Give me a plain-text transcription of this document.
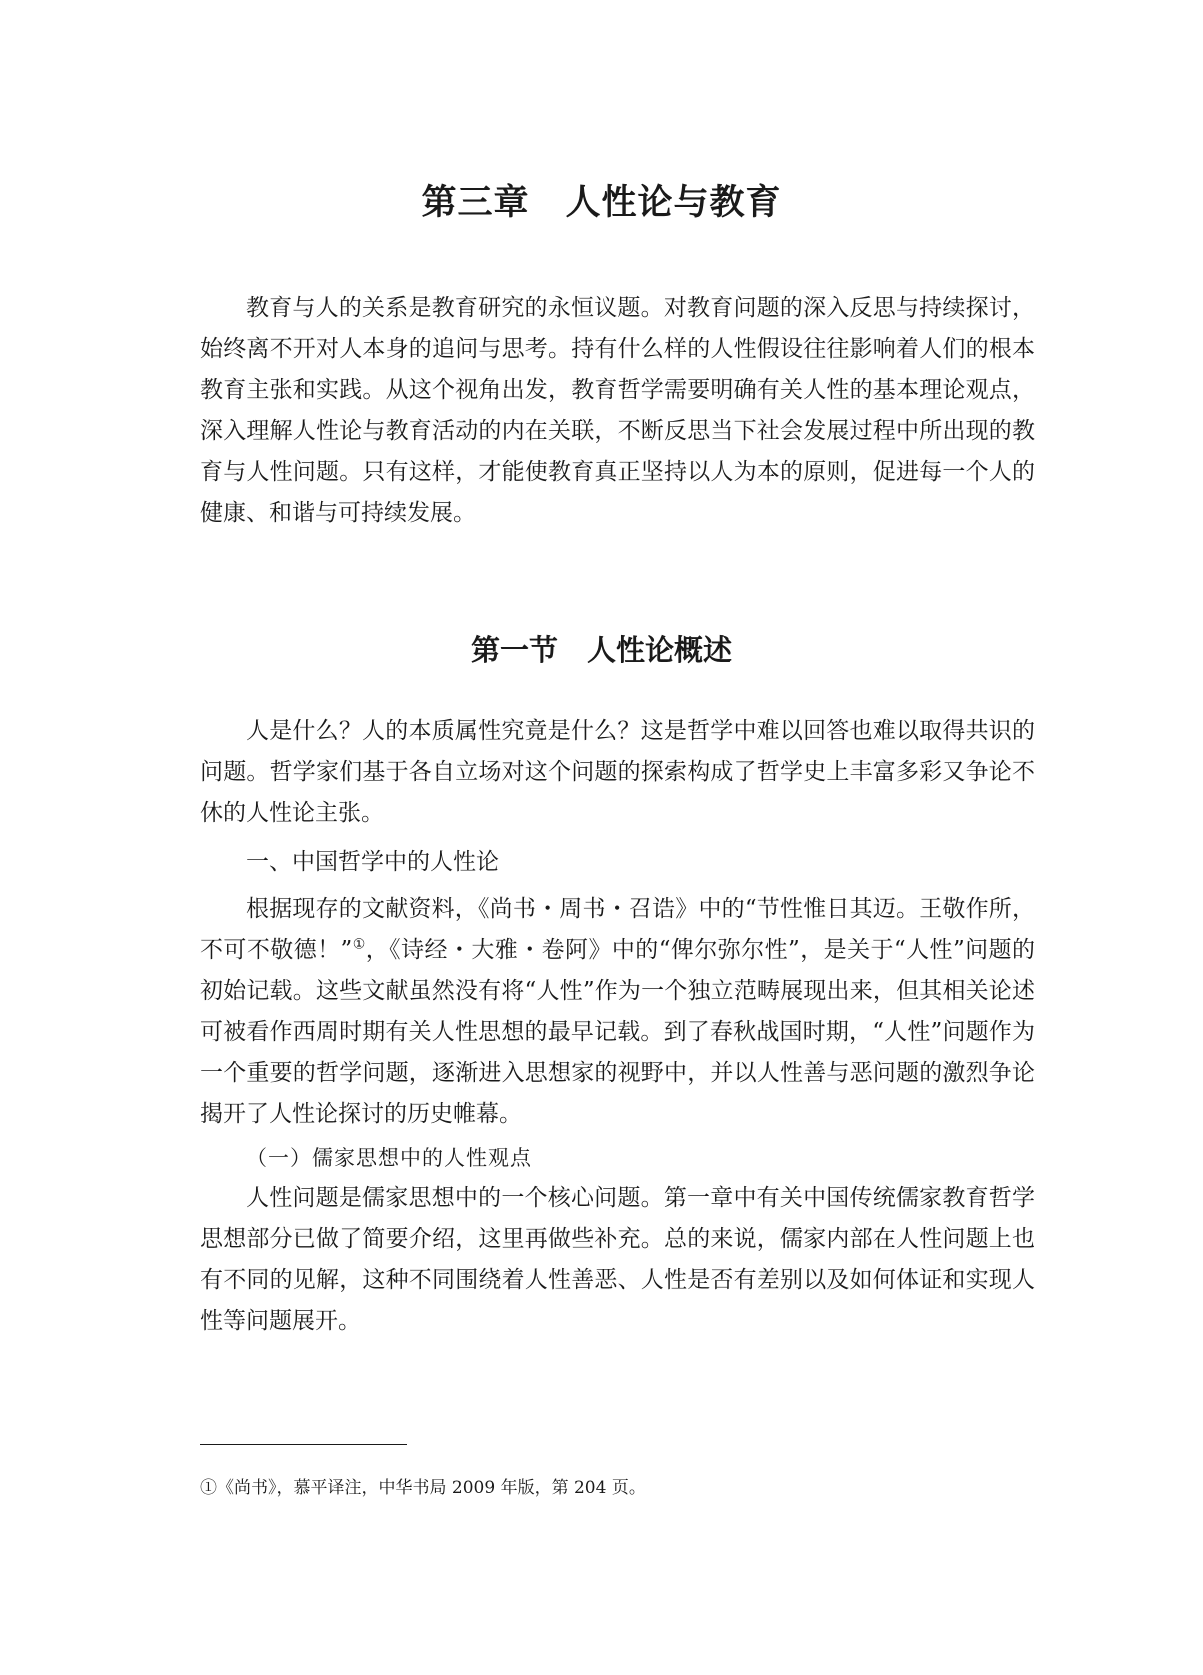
第三章　人性论与教育

教育与人的关系是教育研究的永恒议题。对教育问题的深入反思与持续探讨，始终离不开对人本身的追问与思考。持有什么样的人性假设往往影响着人们的根本教育主张和实践。从这个视角出发，教育哲学需要明确有关人性的基本理论观点，深入理解人性论与教育活动的内在关联，不断反思当下社会发展过程中所出现的教育与人性问题。只有这样，才能使教育真正坚持以人为本的原则，促进每一个人的健康、和谐与可持续发展。

第一节　人性论概述

人是什么？人的本质属性究竟是什么？这是哲学中难以回答也难以取得共识的问题。哲学家们基于各自立场对这个问题的探索构成了哲学史上丰富多彩又争论不休的人性论主张。

一、中国哲学中的人性论

根据现存的文献资料，《尚书・周书・召诰》中的“节性惟日其迈。王敬作所，不可不敬德！”①，《诗经・大雅・卷阿》中的“俾尔弥尔性”，是关于“人性”问题的初始记载。这些文献虽然没有将“人性”作为一个独立范畴展现出来，但其相关论述可被看作西周时期有关人性思想的最早记载。到了春秋战国时期，“人性”问题作为一个重要的哲学问题，逐渐进入思想家的视野中，并以人性善与恶问题的激烈争论揭开了人性论探讨的历史帷幕。

（一）儒家思想中的人性观点

人性问题是儒家思想中的一个核心问题。第一章中有关中国传统儒家教育哲学思想部分已做了简要介绍，这里再做些补充。总的来说，儒家内部在人性问题上也有不同的见解，这种不同围绕着人性善恶、人性是否有差别以及如何体证和实现人性等问题展开。

①《尚书》，慕平译注，中华书局 2009 年版，第 204 页。
